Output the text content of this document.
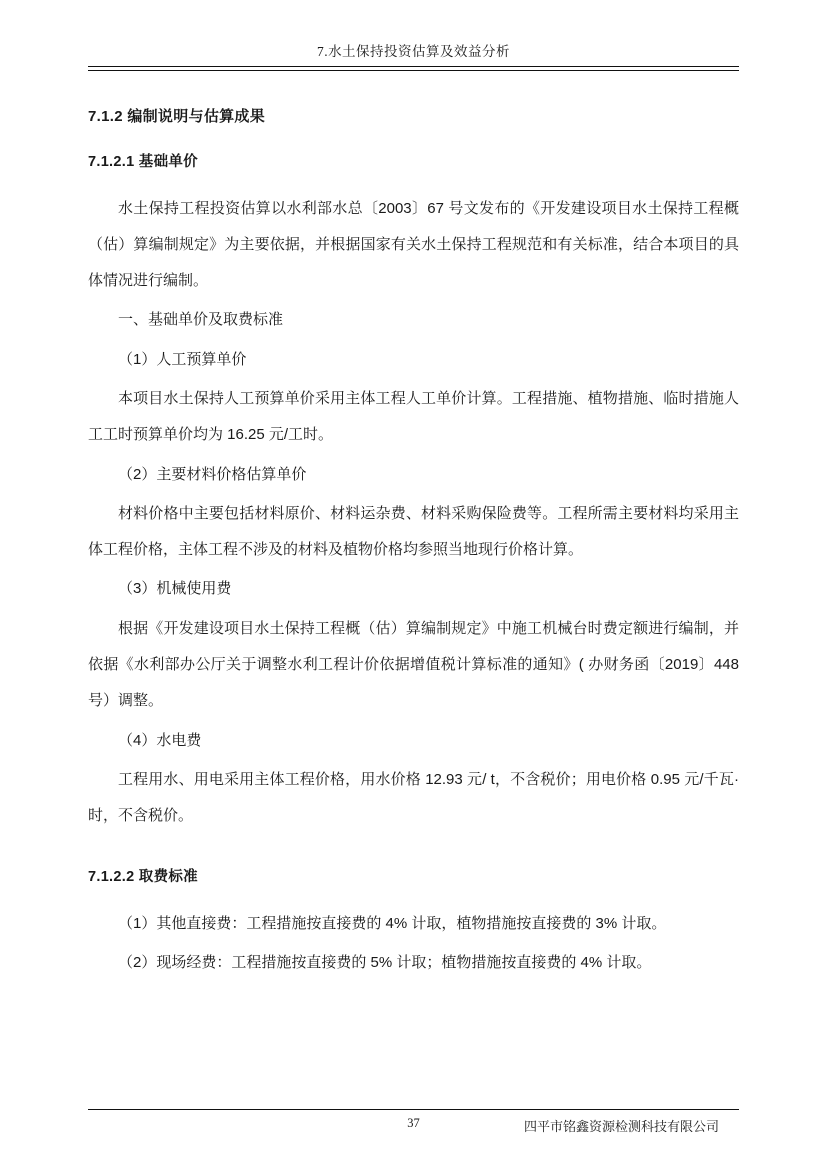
7.水土保持投资估算及效益分析
7.1.2 编制说明与估算成果
7.1.2.1 基础单价

水土保持工程投资估算以水利部水总〔2003〕67 号文发布的《开发建设项目水土保持工程概（估）算编制规定》为主要依据，并根据国家有关水土保持工程规范和有关标准，结合本项目的具体情况进行编制。

一、基础单价及取费标准

（1）人工预算单价

本项目水土保持人工预算单价采用主体工程人工单价计算。工程措施、植物措施、临时措施人工工时预算单价均为 16.25 元/工时。

（2）主要材料价格估算单价

材料价格中主要包括材料原价、材料运杂费、材料采购保险费等。工程所需主要材料均采用主体工程价格，主体工程不涉及的材料及植物价格均参照当地现行价格计算。

（3）机械使用费

根据《开发建设项目水土保持工程概（估）算编制规定》中施工机械台时费定额进行编制，并依据《水利部办公厅关于调整水利工程计价依据增值税计算标准的通知》( 办财务函〔2019〕448 号）调整。

（4）水电费

工程用水、用电采用主体工程价格，用水价格 12.93 元/ t，不含税价；用电价格 0.95 元/千瓦·时，不含税价。

7.1.2.2 取费标准

（1）其他直接费：工程措施按直接费的 4% 计取，植物措施按直接费的 3% 计取。

（2）现场经费：工程措施按直接费的 5% 计取；植物措施按直接费的 4% 计取。

37	四平市铭鑫资源检测科技有限公司
